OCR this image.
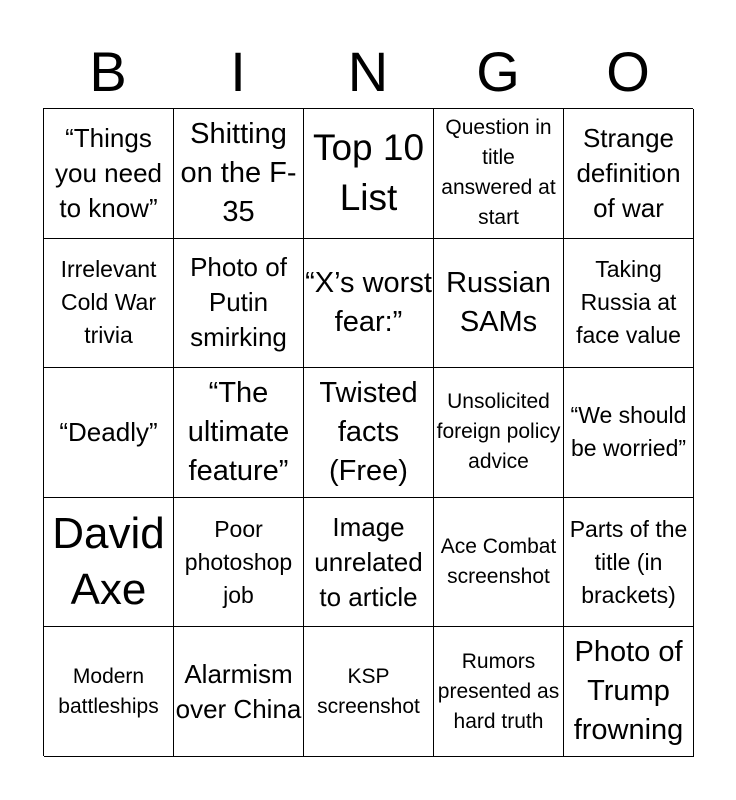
B	I	N	G	O
“Things you need to know”
Shitting on the F-35
Top 10 List
Question in title answered at start
Strange definition of war
Irrelevant Cold War trivia
Photo of Putin smirking
“X’s worst fear:”
Russian SAMs
Taking Russia at face value
“Deadly”
“The ultimate feature”
Twisted facts (Free)
Unsolicited foreign policy advice
“We should be worried”
David Axe
Poor photoshop job
Image unrelated to article
Ace Combat screenshot
Parts of the title (in brackets)
Modern battleships
Alarmism over China
KSP screenshot
Rumors presented as hard truth
Photo of Trump frowning
